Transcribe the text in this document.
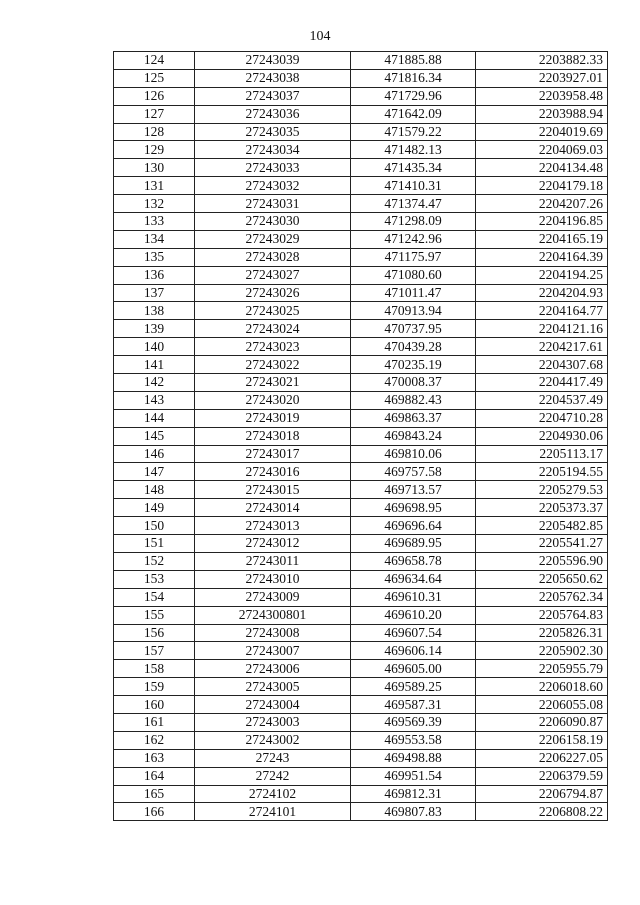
104
124	27243039	471885.88	2203882.33
125	27243038	471816.34	2203927.01
126	27243037	471729.96	2203958.48
127	27243036	471642.09	2203988.94
128	27243035	471579.22	2204019.69
129	27243034	471482.13	2204069.03
130	27243033	471435.34	2204134.48
131	27243032	471410.31	2204179.18
132	27243031	471374.47	2204207.26
133	27243030	471298.09	2204196.85
134	27243029	471242.96	2204165.19
135	27243028	471175.97	2204164.39
136	27243027	471080.60	2204194.25
137	27243026	471011.47	2204204.93
138	27243025	470913.94	2204164.77
139	27243024	470737.95	2204121.16
140	27243023	470439.28	2204217.61
141	27243022	470235.19	2204307.68
142	27243021	470008.37	2204417.49
143	27243020	469882.43	2204537.49
144	27243019	469863.37	2204710.28
145	27243018	469843.24	2204930.06
146	27243017	469810.06	2205113.17
147	27243016	469757.58	2205194.55
148	27243015	469713.57	2205279.53
149	27243014	469698.95	2205373.37
150	27243013	469696.64	2205482.85
151	27243012	469689.95	2205541.27
152	27243011	469658.78	2205596.90
153	27243010	469634.64	2205650.62
154	27243009	469610.31	2205762.34
155	2724300801	469610.20	2205764.83
156	27243008	469607.54	2205826.31
157	27243007	469606.14	2205902.30
158	27243006	469605.00	2205955.79
159	27243005	469589.25	2206018.60
160	27243004	469587.31	2206055.08
161	27243003	469569.39	2206090.87
162	27243002	469553.58	2206158.19
163	27243	469498.88	2206227.05
164	27242	469951.54	2206379.59
165	2724102	469812.31	2206794.87
166	2724101	469807.83	2206808.22
